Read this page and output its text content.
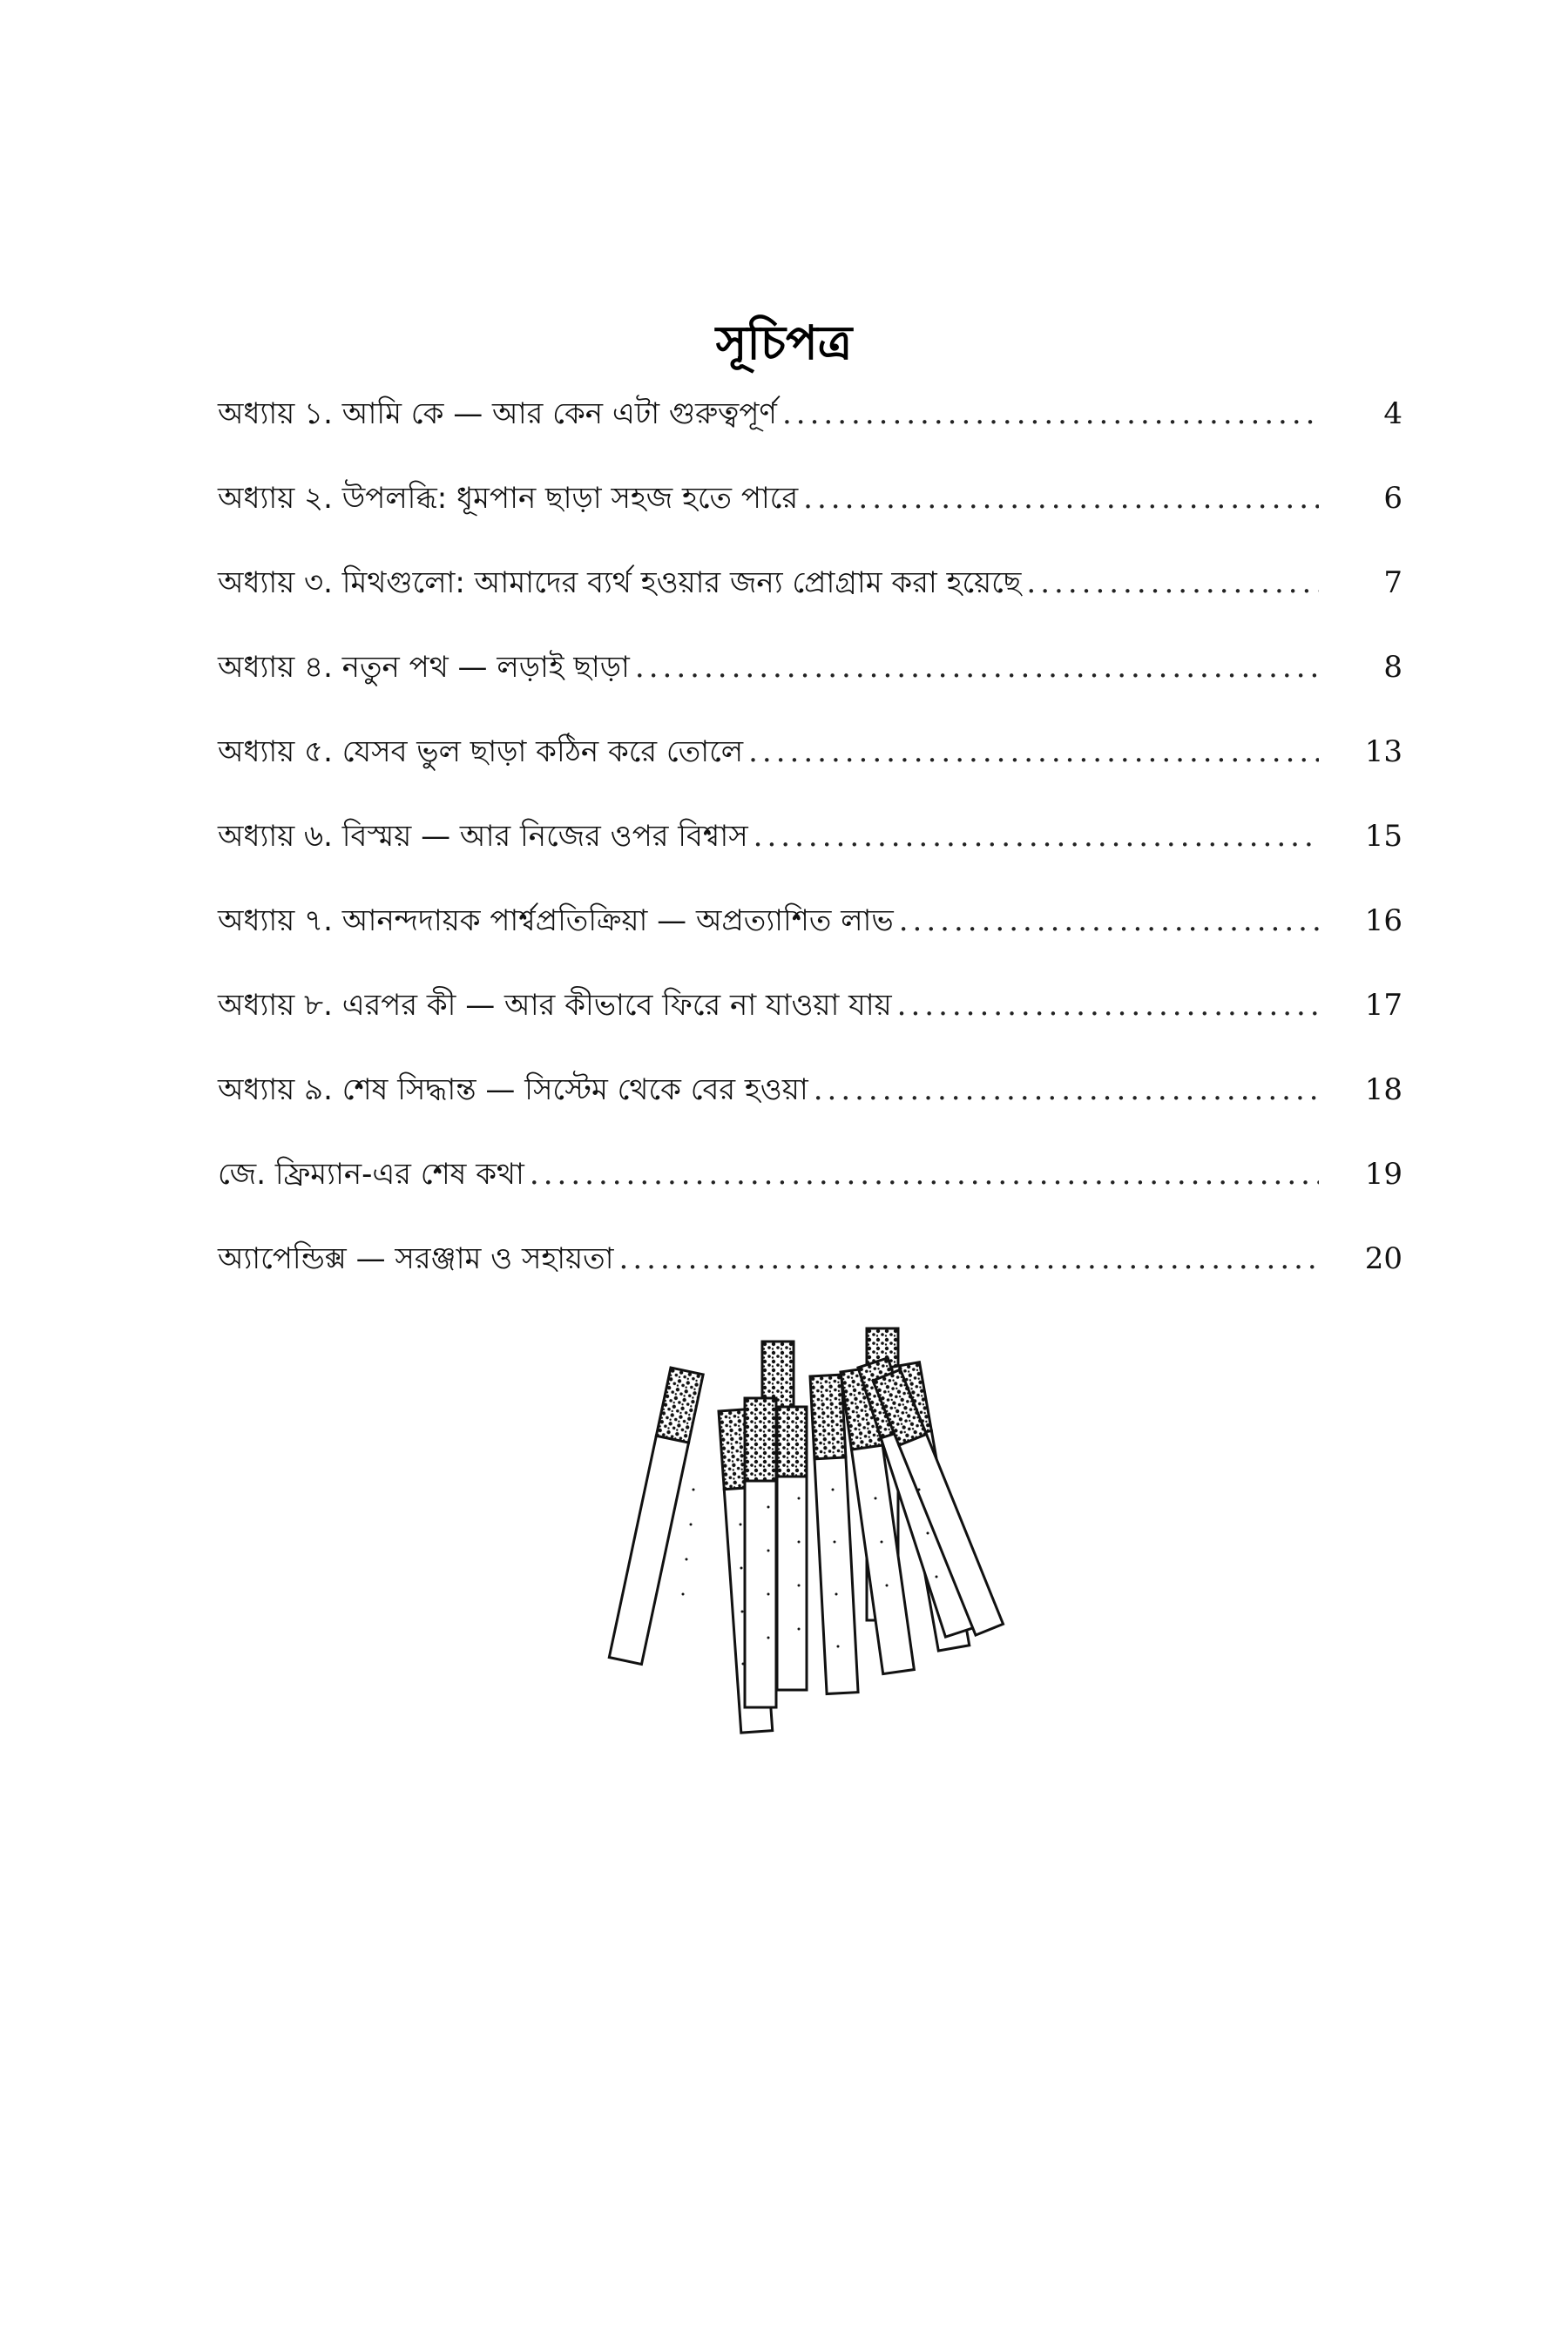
সূচিপত্র
অধ্যায় ১. আমি কে — আর কেন এটা গুরুত্বপূর্ণ .....	4
অধ্যায় ২. উপলব্ধি: ধূমপান ছাড়া সহজ হতে পারে .....	6
অধ্যায় ৩. মিথগুলো: আমাদের ব্যর্থ হওয়ার জন্য প্রোগ্রাম করা হয়েছে .....	7
অধ্যায় ৪. নতুন পথ — লড়াই ছাড়া .....	8
অধ্যায় ৫. যেসব ভুল ছাড়া কঠিন করে তোলে .....	13
অধ্যায় ৬. বিস্ময় — আর নিজের ওপর বিশ্বাস .....	15
অধ্যায় ৭. আনন্দদায়ক পার্শ্বপ্রতিক্রিয়া — অপ্রত্যাশিত লাভ .....	16
অধ্যায় ৮. এরপর কী — আর কীভাবে ফিরে না যাওয়া যায় .....	17
অধ্যায় ৯. শেষ সিদ্ধান্ত — সিস্টেম থেকে বের হওয়া .....	18
জে. ফ্রিম্যান-এর শেষ কথা .....	19
অ্যাপেন্ডিক্স — সরঞ্জাম ও সহায়তা .....	20
